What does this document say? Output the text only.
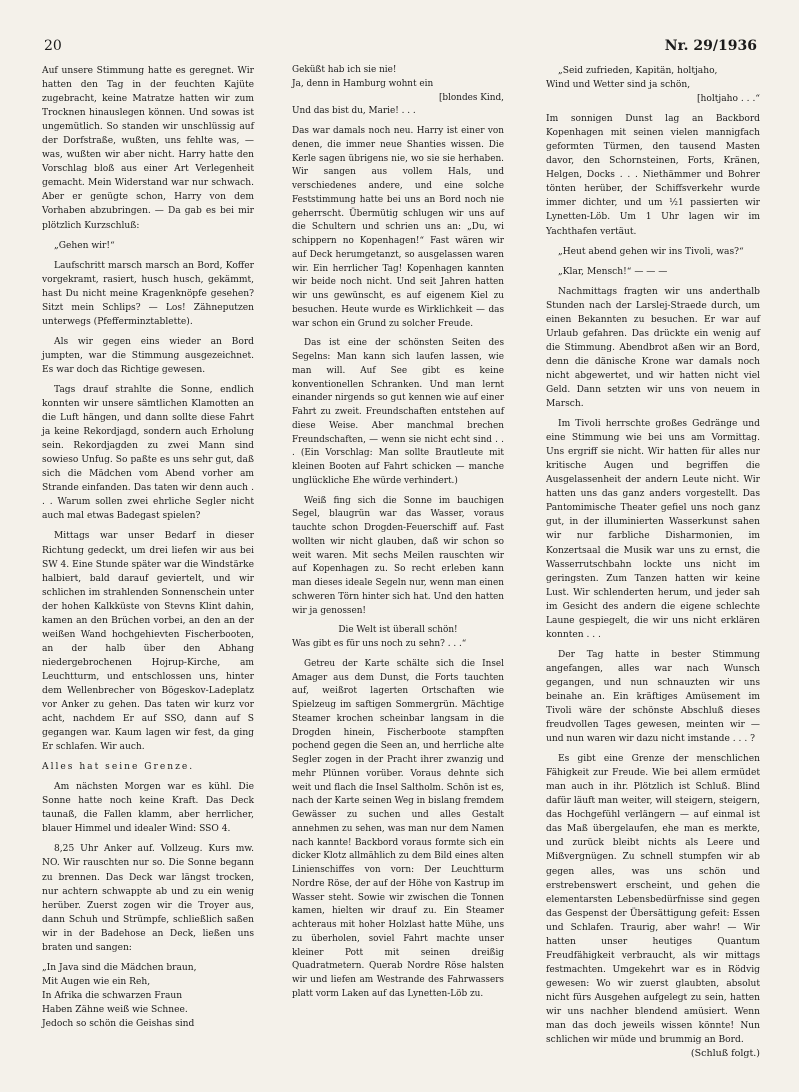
20	Nr. 29/1936

Auf unsere Stimmung hatte es geregnet. Wir hatten den Tag in der feuchten Kajüte zugebracht, keine Matratze hatten wir zum Trocknen hinauslegen können. Und sowas ist ungemütlich. So standen wir unschlüssig auf der Dorfstraße, wußten, uns fehlte was, — was, wußten wir aber nicht. Harry hatte den Vorschlag bloß aus einer Art Verlegenheit gemacht. Mein Widerstand war nur schwach. Aber er genügte schon, Harry von dem Vorhaben abzubringen. — Da gab es bei mir plötzlich Kurzschluß:

„Gehen wir!“

Laufschritt marsch marsch an Bord, Koffer vorgekramt, rasiert, husch husch, gekämmt, hast Du nicht meine Kragenknöpfe gesehen? Sitzt mein Schlips? — Los! Zähneputzen unterwegs (Pfefferminztablette).

Als wir gegen eins wieder an Bord jumpten, war die Stimmung ausgezeichnet. Es war doch das Richtige gewesen.

Tags drauf strahlte die Sonne, endlich konnten wir unsere sämtlichen Klamotten an die Luft hängen, und dann sollte diese Fahrt ja keine Rekordjagd, sondern auch Erholung sein. Rekordjagden zu zwei Mann sind sowieso Unfug. So paßte es uns sehr gut, daß sich die Mädchen vom Abend vorher am Strande einfanden. Das taten wir denn auch . . . Warum sollen zwei ehrliche Segler nicht auch mal etwas Badegast spielen?

Mittags war unser Bedarf in dieser Richtung gedeckt, um drei liefen wir aus bei SW 4. Eine Stunde später war die Windstärke halbiert, bald darauf geviertelt, und wir schlichen im strahlenden Sonnenschein unter der hohen Kalkküste von Stevns Klint dahin, kamen an den Brüchen vorbei, an den an der weißen Wand hochgehievten Fischerbooten, an der halb über den Abhang niedergebrochenen Hojrup-Kirche, am Leuchtturm, und entschlossen uns, hinter dem Wellenbrecher von Bögeskov-Ladeplatz vor Anker zu gehen. Das taten wir kurz vor acht, nachdem Er auf SSO, dann auf S gegangen war. Kaum lagen wir fest, da ging Er schlafen. Wir auch.

Alles hat seine Grenze.

Am nächsten Morgen war es kühl. Die Sonne hatte noch keine Kraft. Das Deck taunaß, die Fallen klamm, aber herrlicher, blauer Himmel und idealer Wind: SSO 4.

8,25 Uhr Anker auf. Vollzeug. Kurs mw. NO. Wir rauschten nur so. Die Sonne begann zu brennen. Das Deck war längst trocken, nur achtern schwappte ab und zu ein wenig herüber. Zuerst zogen wir die Troyer aus, dann Schuh und Strümpfe, schließlich saßen wir in der Badehose an Deck, ließen uns braten und sangen:

„In Java sind die Mädchen braun,

Mit Augen wie ein Reh,

In Afrika die schwarzen Fraun

Haben Zähne weiß wie Schnee.

Jedoch so schön die Geishas sind

Geküßt hab ich sie nie!

Ja, denn in Hamburg wohnt ein

[blondes Kind,

Und das bist du, Marie! . . .

Das war damals noch neu. Harry ist einer von denen, die immer neue Shanties wissen. Die Kerle sagen übrigens nie, wo sie sie herhaben. Wir sangen aus vollem Hals, und verschiedenes andere, und eine solche Feststimmung hatte bei uns an Bord noch nie geherrscht. Übermütig schlugen wir uns auf die Schultern und schrien uns an: „Du, wi schippern no Kopenhagen!“ Fast wären wir auf Deck herumgetanzt, so ausgelassen waren wir. Ein herrlicher Tag! Kopenhagen kannten wir beide noch nicht. Und seit Jahren hatten wir uns gewünscht, es auf eigenem Kiel zu besuchen. Heute wurde es Wirklichkeit — das war schon ein Grund zu solcher Freude.

Das ist eine der schönsten Seiten des Segelns: Man kann sich laufen lassen, wie man will. Auf See gibt es keine konventionellen Schranken. Und man lernt einander nirgends so gut kennen wie auf einer Fahrt zu zweit. Freundschaften entstehen auf diese Weise. Aber manchmal brechen Freundschaften, — wenn sie nicht echt sind . . . (Ein Vorschlag: Man sollte Brautleute mit kleinen Booten auf Fahrt schicken — manche unglückliche Ehe würde verhindert.)

Weiß fing sich die Sonne im bauchigen Segel, blaugrün war das Wasser, voraus tauchte schon Drogden-Feuerschiff auf. Fast wollten wir nicht glauben, daß wir schon so weit waren. Mit sechs Meilen rauschten wir auf Kopenhagen zu. So recht erleben kann man dieses ideale Segeln nur, wenn man einen schweren Törn hinter sich hat. Und den hatten wir ja genossen!

Die Welt ist überall schön!

Was gibt es für uns noch zu sehn? . . .“

Getreu der Karte schälte sich die Insel Amager aus dem Dunst, die Forts tauchten auf, weißrot lagerten Ortschaften wie Spielzeug im saftigen Sommergrün. Mächtige Steamer krochen scheinbar langsam in die Drogden hinein, Fischerboote stampften pochend gegen die Seen an, und herrliche alte Segler zogen in der Pracht ihrer zwanzig und mehr Plünnen vorüber. Voraus dehnte sich weit und flach die Insel Saltholm. Schön ist es, nach der Karte seinen Weg in bislang fremdem Gewässer zu suchen und alles Gestalt annehmen zu sehen, was man nur dem Namen nach kannte! Backbord voraus formte sich ein dicker Klotz allmählich zu dem Bild eines alten Linienschiffes von vorn: Der Leuchtturm Nordre Röse, der auf der Höhe von Kastrup im Wasser steht. Sowie wir zwischen die Tonnen kamen, hielten wir drauf zu. Ein Steamer achteraus mit hoher Holzlast hatte Mühe, uns zu überholen, soviel Fahrt machte unser kleiner Pott mit seinen dreißig Quadratmetern. Querab Nordre Röse halsten wir und liefen am Westrande des Fahrwassers platt vorm Laken auf das Lynetten-Löb zu.

„Seid zufrieden, Kapitän, holtjaho,

Wind und Wetter sind ja schön,

[holtjaho . . .“

Im sonnigen Dunst lag an Backbord Kopenhagen mit seinen vielen mannigfach geformten Türmen, den tausend Masten davor, den Schornsteinen, Forts, Kränen, Helgen, Docks . . . Niethämmer und Bohrer tönten herüber, der Schiffsverkehr wurde immer dichter, und um ½1 passierten wir Lynetten-Löb. Um 1 Uhr lagen wir im Yachthafen vertäut.

„Heut abend gehen wir ins Tivoli, was?“

„Klar, Mensch!“ — — —

Nachmittags fragten wir uns anderthalb Stunden nach der Larslej-Straede durch, um einen Bekannten zu besuchen. Er war auf Urlaub gefahren. Das drückte ein wenig auf die Stimmung. Abendbrot aßen wir an Bord, denn die dänische Krone war damals noch nicht abgewertet, und wir hatten nicht viel Geld. Dann setzten wir uns von neuem in Marsch.

Im Tivoli herrschte großes Gedränge und eine Stimmung wie bei uns am Vormittag. Uns ergriff sie nicht. Wir hatten für alles nur kritische Augen und begriffen die Ausgelassenheit der andern Leute nicht. Wir hatten uns das ganz anders vorgestellt. Das Pantomimische Theater gefiel uns noch ganz gut, in der illuminierten Wasserkunst sahen wir nur farbliche Disharmonien, im Konzertsaal die Musik war uns zu ernst, die Wasserrutschbahn lockte uns nicht im geringsten. Zum Tanzen hatten wir keine Lust. Wir schlenderten herum, und jeder sah im Gesicht des andern die eigene schlechte Laune gespiegelt, die wir uns nicht erklären konnten . . .

Der Tag hatte in bester Stimmung angefangen, alles war nach Wunsch gegangen, und nun schnauzten wir uns beinahe an. Ein kräftiges Amüsement im Tivoli wäre der schönste Abschluß dieses freudvollen Tages gewesen, meinten wir — und nun waren wir dazu nicht imstande . . . ?

Es gibt eine Grenze der menschlichen Fähigkeit zur Freude. Wie bei allem ermüdet man auch in ihr. Plötzlich ist Schluß. Blind dafür läuft man weiter, will steigern, steigern, das Hochgefühl verlängern — auf einmal ist das Maß übergelaufen, ehe man es merkte, und zurück bleibt nichts als Leere und Mißvergnügen. Zu schnell stumpfen wir ab gegen alles, was uns schön und erstrebenswert erscheint, und gehen die elementarsten Lebensbedürfnisse sind gegen das Gespenst der Übersättigung gefeit: Essen und Schlafen. Traurig, aber wahr! — Wir hatten unser heutiges Quantum Freudfähigkeit verbraucht, als wir mittags festmachten. Umgekehrt war es in Rödvig gewesen: Wo wir zuerst glaubten, absolut nicht fürs Ausgehen aufgelegt zu sein, hatten wir uns nachher blendend amüsiert. Wenn man das doch jeweils wissen könnte! Nun schlichen wir müde und brummig an Bord.

(Schluß folgt.)
